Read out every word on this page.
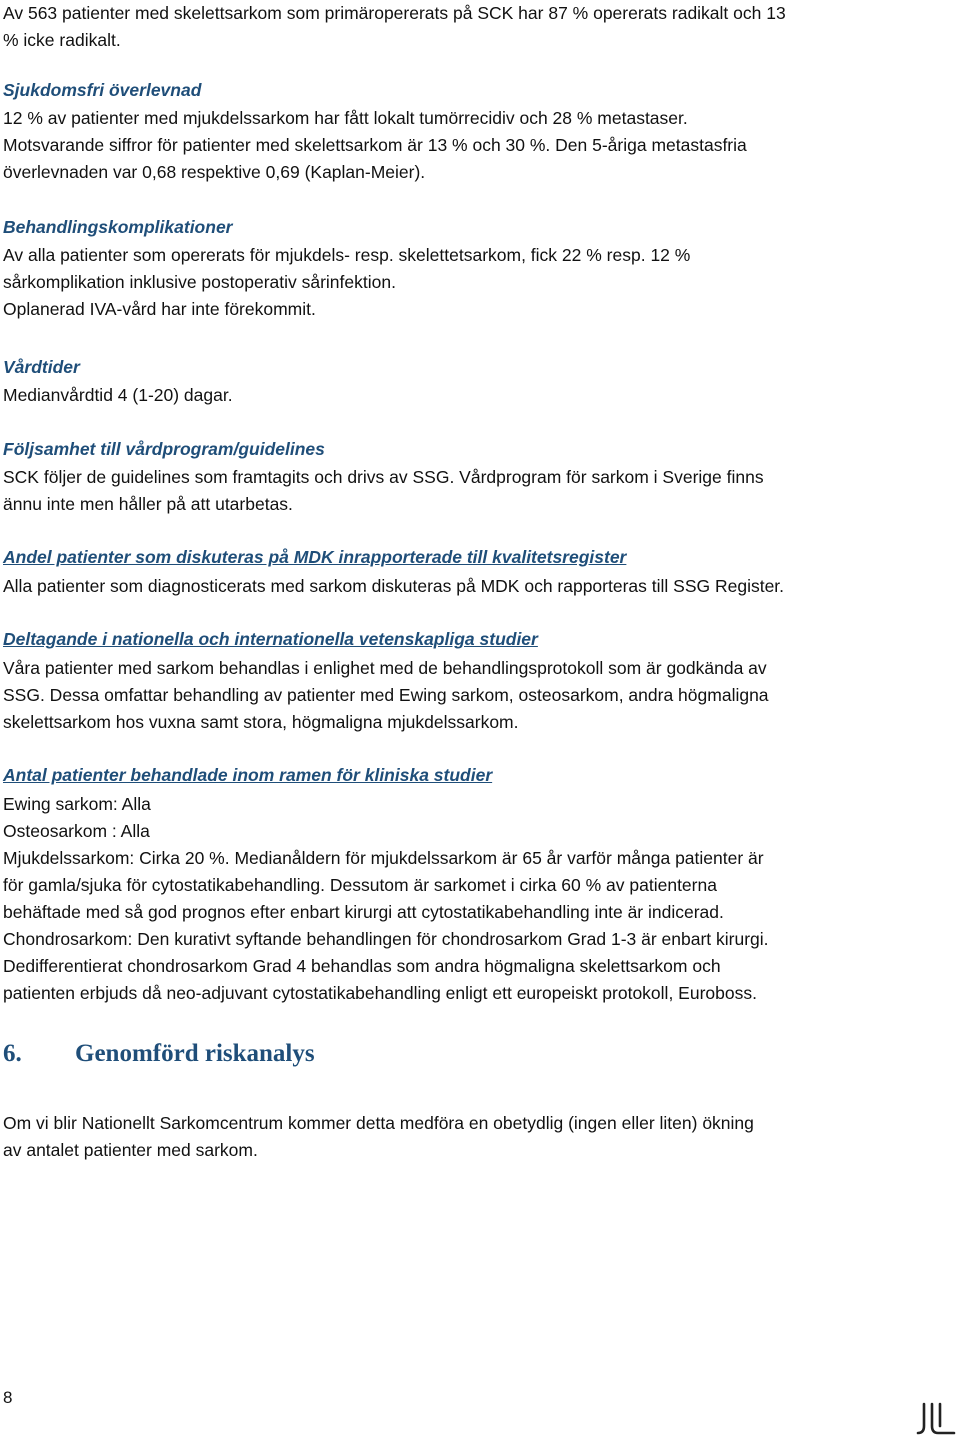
Av 563 patienter med skelettsarkom som primäropererats på SCK har 87 % opererats radikalt och 13

% icke radikalt.

Sjukdomsfri överlevnad

12 % av patienter med mjukdelssarkom har fått lokalt tumörrecidiv och 28 % metastaser.

Motsvarande siffror för patienter med skelettsarkom är 13 % och 30 %. Den 5-åriga metastasfria

överlevnaden var 0,68 respektive 0,69 (Kaplan-Meier).

Behandlingskomplikationer

Av alla patienter som opererats för mjukdels- resp. skelettetsarkom, fick 22 % resp. 12 %

sårkomplikation inklusive postoperativ sårinfektion.

Oplanerad IVA-vård har inte förekommit.

Vårdtider

Medianvårdtid 4 (1-20) dagar.

Följsamhet till vårdprogram/guidelines

SCK följer de guidelines som framtagits och drivs av SSG. Vårdprogram för sarkom i Sverige finns

ännu inte men håller på att utarbetas.

Andel patienter som diskuteras på MDK inrapporterade till kvalitetsregister

Alla patienter som diagnosticerats med sarkom diskuteras på MDK och rapporteras till SSG Register.

Deltagande i nationella och internationella vetenskapliga studier

Våra patienter med sarkom behandlas i enlighet med de behandlingsprotokoll som är godkända av

SSG. Dessa omfattar behandling av patienter med Ewing sarkom, osteosarkom, andra högmaligna

skelettsarkom hos vuxna samt stora, högmaligna mjukdelssarkom.

Antal patienter behandlade inom ramen för kliniska studier

Ewing sarkom: Alla

Osteosarkom : Alla

Mjukdelssarkom: Cirka 20 %. Medianåldern för mjukdelssarkom är 65 år varför många patienter är

för gamla/sjuka för cytostatikabehandling. Dessutom är sarkomet i cirka 60 % av patienterna

behäftade med så god prognos efter enbart kirurgi att cytostatikabehandling inte är indicerad.

Chondrosarkom: Den kurativt syftande behandlingen för chondrosarkom Grad 1-3 är enbart kirurgi.

Dedifferentierat chondrosarkom Grad 4 behandlas som andra högmaligna skelettsarkom och

patienten erbjuds då neo-adjuvant cytostatikabehandling enligt ett europeiskt protokoll, Euroboss.

6. Genomförd riskanalys

Om vi blir Nationellt Sarkomcentrum kommer detta medföra en obetydlig (ingen eller liten) ökning

av antalet patienter med sarkom.

8
